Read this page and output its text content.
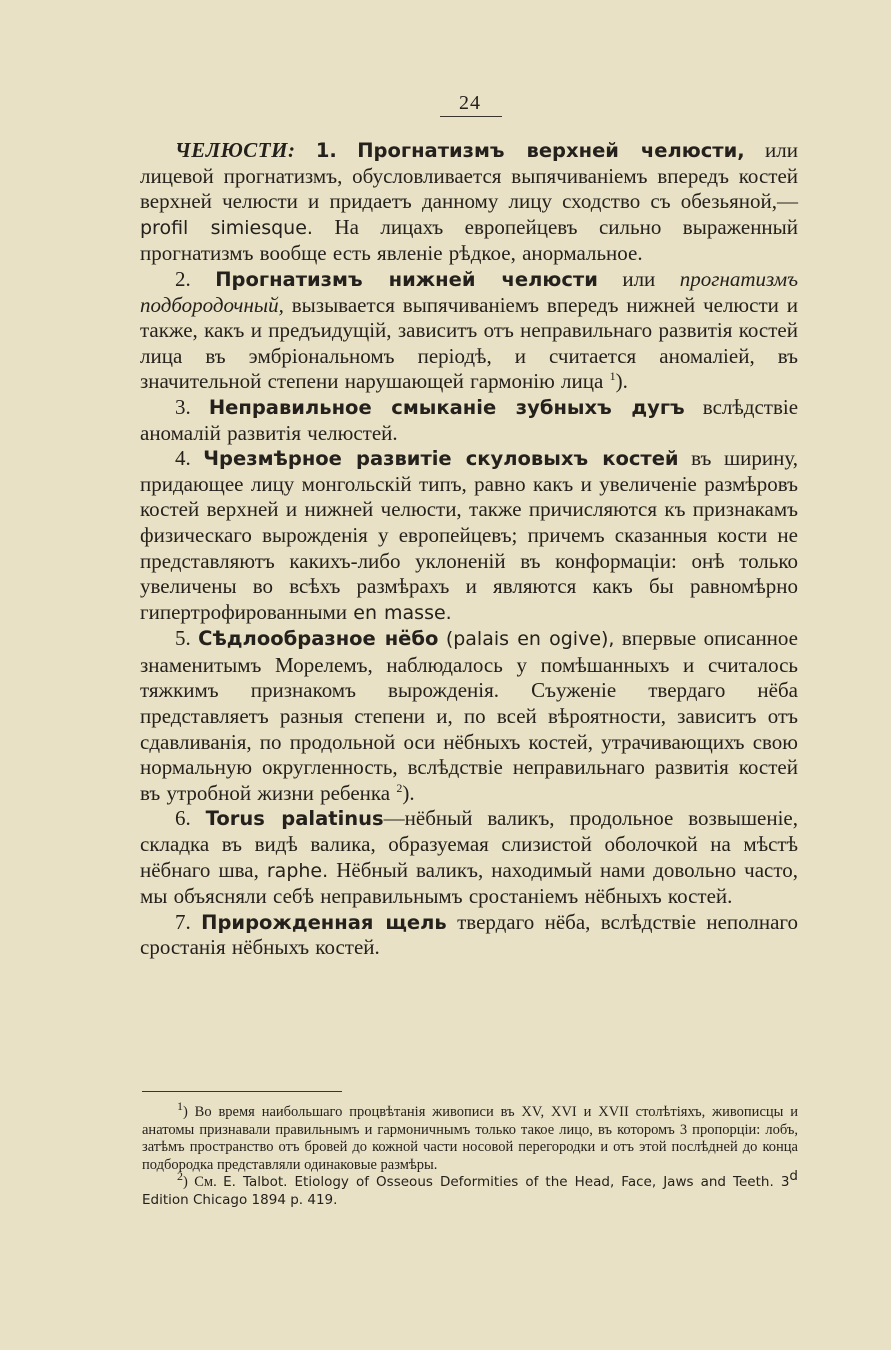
24

ЧЕЛЮСТИ: 1. Прогнатизмъ верхней челюсти, или лицевой прогнатизмъ, обусловливается выпячиваніемъ впередъ костей верхней челюсти и придаетъ данному лицу сходство съ обезьяной,—profil simiesque. На лицахъ европейцевъ сильно выраженный прогнатизмъ вообще есть явленіе рѣдкое, анормальное.

2. Прогнатизмъ нижней челюсти или прогнатизмъ подбородочный, вызывается выпячиваніемъ впередъ нижней челюсти и также, какъ и предъидущій, зависитъ отъ неправильнаго развитія костей лица въ эмбріональномъ періодѣ, и считается аномаліей, въ значительной степени нарушающей гармонію лица $^1$).

3. Неправильное смыканіе зубныхъ дугъ вслѣдствіе аномалій развитія челюстей.

4. Чрезмѣрное развитіе скуловыхъ костей въ ширину, придающее лицу монгольскій типъ, равно какъ и увеличеніе размѣровъ костей верхней и нижней челюсти, также причисляются къ признакамъ физическаго вырожденія у европейцевъ; причемъ сказанныя кости не представляютъ какихъ-либо уклоненій въ конформаціи: онѣ только увеличены во всѣхъ размѣрахъ и являются какъ бы равномѣрно гипертрофированными en masse.

5. Сѣдлообразное нёбо (palais en ogive), впервые описанное знаменитымъ Морелемъ, наблюдалось у помѣшанныхъ и считалось тяжкимъ признакомъ вырожденія. Съуженіе твердаго нёба представляетъ разныя степени и, по всей вѣроятности, зависитъ отъ сдавливанія, по продольной оси нёбныхъ костей, утрачивающихъ свою нормальную округленность, вслѣдствіе неправильнаго развитія костей въ утробной жизни ребенка $^2$).

6. Torus palatinus—нёбный валикъ, продольное возвышеніе, складка въ видѣ валика, образуемая слизистой оболочкой на мѣстѣ нёбнаго шва, raphe. Нёбный валикъ, находимый нами довольно часто, мы объясняли себѣ неправильнымъ сростаніемъ нёбныхъ костей.

7. Прирожденная щель твердаго нёба, вслѣдствіе неполнаго сростанія нёбныхъ костей.

$^1$) Во время наибольшаго процвѣтанія живописи въ XV, XVI и XVII столѣтіяхъ, живописцы и анатомы признавали правильнымъ и гармоничнымъ только такое лицо, въ которомъ 3 пропорціи: лобъ, затѣмъ пространство отъ бровей до кожной части носовой перегородки и отъ этой послѣдней до конца подбородка представляли одинаковые размѣры.

$^2$) См. E. Talbot. Etiology of Osseous Deformities of the Head, Face, Jaws and Teeth. 3$^d$ Edition Chicago 1894 p. 419.
